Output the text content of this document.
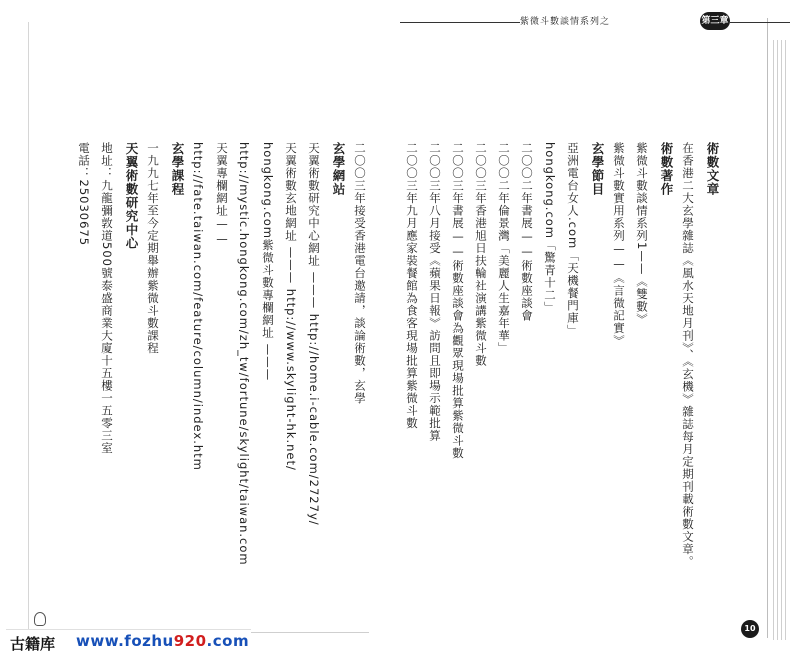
紫微斗數談情系列之	第三章
術數文章
在香港二大玄學雜誌《風水天地月刊》、《玄機》雜誌每月定期刊載術數文章。
術數著作
紫微斗數談情系列1——《雙數》
紫微斗數實用系列——《言微記實》
玄學節目
亞洲電台女人.com「天機餐門庫」
hongkong.com「驚青十二」
二〇〇二年書展——術數座談會
二〇〇二年倫景灣「美麗人生嘉年華」
二〇〇三年香港旭日扶輪社演講紫微斗數
二〇〇三年書展——術數座談會為觀眾現場批算紫微斗數
二〇〇三年八月接受《蘋果日報》訪問且即場示範批算
二〇〇三年九月應家裝餐館為食客現場批算紫微斗數
二〇〇三年接受香港電台邀請，談論術數，玄學
玄學網站
天翼術數研究中心網址 ——— http://home.i-cable.com/2727y/
天翼術數玄地網址 ——— http://www.skylight-hk.net/
hongkong.com紫微斗數專欄網址 ———
http://mystic.hongkong.com/zh_tw/fortune/skylight/taiwan.com
天翼專欄網址——
http://fate.taiwan.com/feature/column/index.htm
玄學課程
一九九七年至今定期舉辦紫微斗數課程
天翼術數研究中心
地址：九龍彌敦道500號泰盛商業大廈十五樓一五零三室
電話：25030675
10
古籍库 www.fozhu920.com
